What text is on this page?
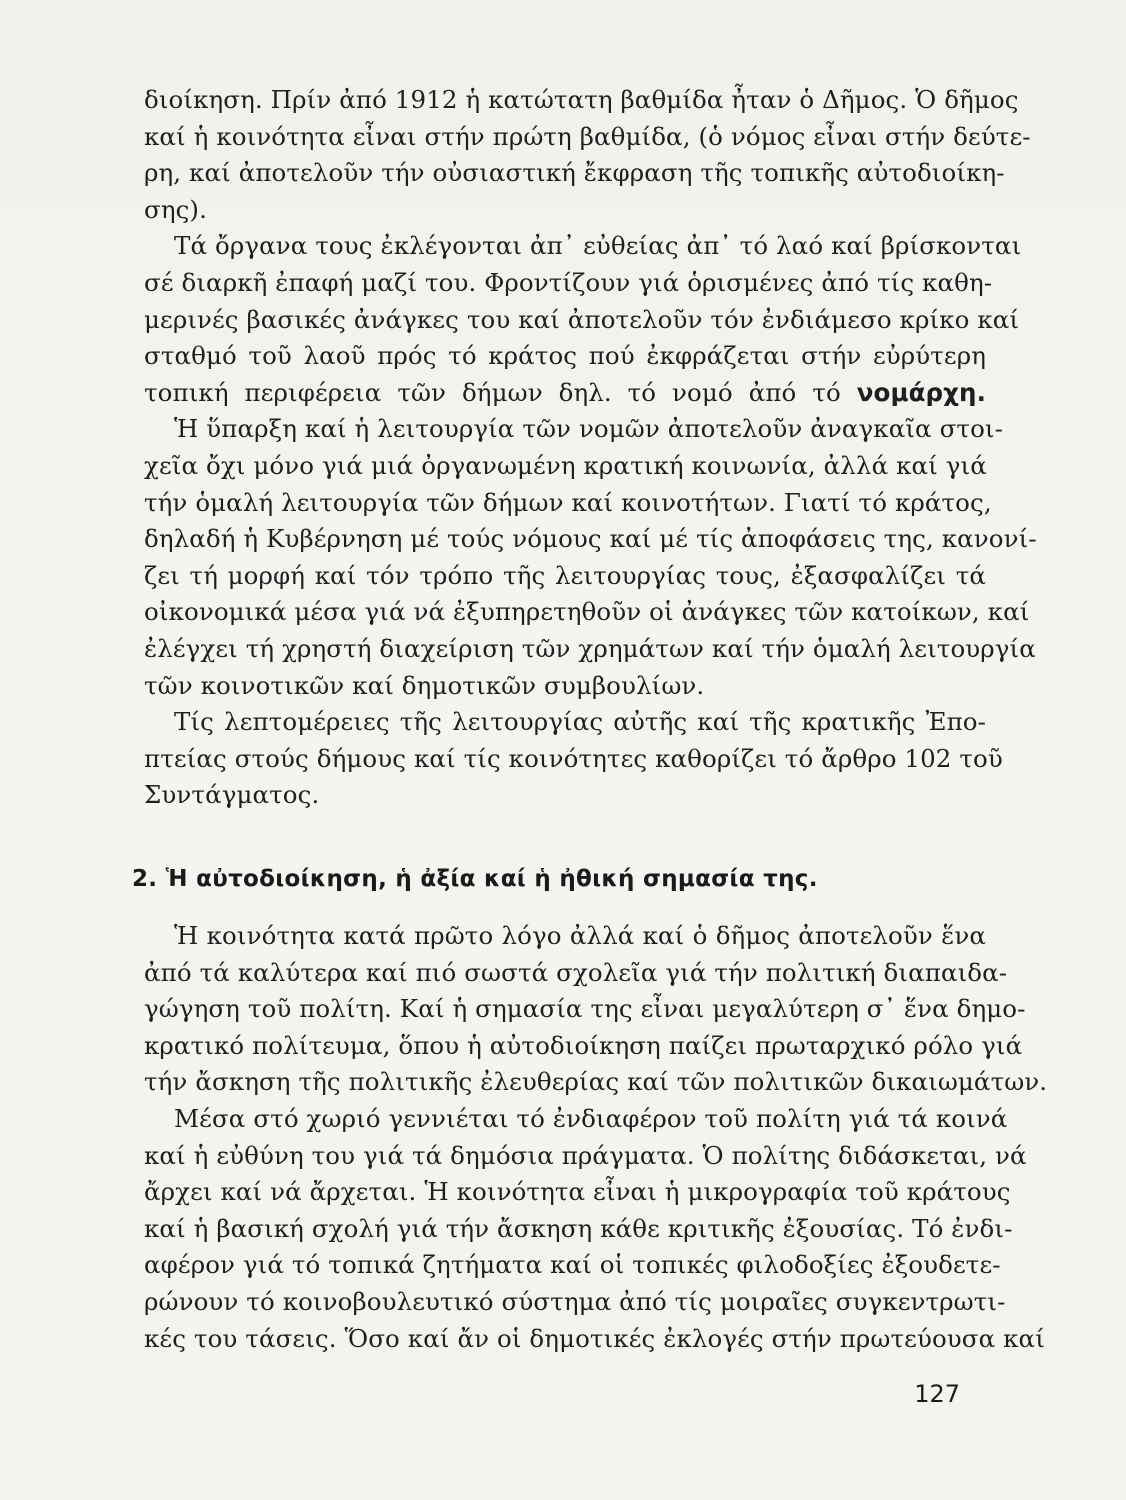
διοίκηση. Πρίν ἀπό 1912 ἡ κατώτατη βαθμίδα ἦταν ὁ Δῆμος. Ὁ δῆμος
καί ἡ κοινότητα εἶναι στήν πρώτη βαθμίδα, (ὁ νόμος εἶναι στήν δεύτε-
ρη, καί ἀποτελοῦν τήν οὐσιαστική ἔκφραση τῆς τοπικῆς αὐτοδιοίκη-
σης).
Τά ὄργανα τους ἐκλέγονται ἀπ᾽ εὐθείας ἀπ᾽ τό λαό καί βρίσκονται
σέ διαρκῆ ἐπαφή μαζί του. Φροντίζουν γιά ὁρισμένες ἀπό τίς καθη-
μερινές βασικές ἀνάγκες του καί ἀποτελοῦν τόν ἐνδιάμεσο κρίκο καί
σταθμό τοῦ λαοῦ πρός τό κράτος πού ἐκφράζεται στήν εὐρύτερη
τοπική περιφέρεια τῶν δήμων δηλ. τό νομό ἀπό τό νομάρχη.
Ἡ ὕπαρξη καί ἡ λειτουργία τῶν νομῶν ἀποτελοῦν ἀναγκαῖα στοι-
χεῖα ὄχι μόνο γιά μιά ὀργανωμένη κρατική κοινωνία, ἀλλά καί γιά
τήν ὁμαλή λειτουργία τῶν δήμων καί κοινοτήτων. Γιατί τό κράτος,
δηλαδή ἡ Κυβέρνηση μέ τούς νόμους καί μέ τίς ἀποφάσεις της, κανονί-
ζει τή μορφή καί τόν τρόπο τῆς λειτουργίας τους, ἐξασφαλίζει τά
οἰκονομικά μέσα γιά νά ἐξυπηρετηθοῦν οἱ ἀνάγκες τῶν κατοίκων, καί
ἐλέγχει τή χρηστή διαχείριση τῶν χρημάτων καί τήν ὁμαλή λειτουργία
τῶν κοινοτικῶν καί δημοτικῶν συμβουλίων.
Τίς λεπτομέρειες τῆς λειτουργίας αὐτῆς καί τῆς κρατικῆς Ἐπο-
πτείας στούς δήμους καί τίς κοινότητες καθορίζει τό ἄρθρο 102 τοῦ
Συντάγματος.
2. Ἡ αὐτοδιοίκηση, ἡ ἀξία καί ἡ ἠθική σημασία της.
Ἡ κοινότητα κατά πρῶτο λόγο ἀλλά καί ὁ δῆμος ἀποτελοῦν ἕνα
ἀπό τά καλύτερα καί πιό σωστά σχολεῖα γιά τήν πολιτική διαπαιδα-
γώγηση τοῦ πολίτη. Καί ἡ σημασία της εἶναι μεγαλύτερη σ᾽ ἕνα δημο-
κρατικό πολίτευμα, ὅπου ἡ αὐτοδιοίκηση παίζει πρωταρχικό ρόλο γιά
τήν ἄσκηση τῆς πολιτικῆς ἐλευθερίας καί τῶν πολιτικῶν δικαιωμάτων.
Μέσα στό χωριό γεννιέται τό ἐνδιαφέρον τοῦ πολίτη γιά τά κοινά
καί ἡ εὐθύνη του γιά τά δημόσια πράγματα. Ὁ πολίτης διδάσκεται, νά
ἄρχει καί νά ἄρχεται. Ἡ κοινότητα εἶναι ἡ μικρογραφία τοῦ κράτους
καί ἡ βασική σχολή γιά τήν ἄσκηση κάθε κριτικῆς ἐξουσίας. Τό ἐνδι-
αφέρον γιά τό τοπικά ζητήματα καί οἱ τοπικές φιλοδοξίες ἐξουδετε-
ρώνουν τό κοινοβουλευτικό σύστημα ἀπό τίς μοιραῖες συγκεντρωτι-
κές του τάσεις. Ὅσο καί ἄν οἱ δημοτικές ἐκλογές στήν πρωτεύουσα καί
127
